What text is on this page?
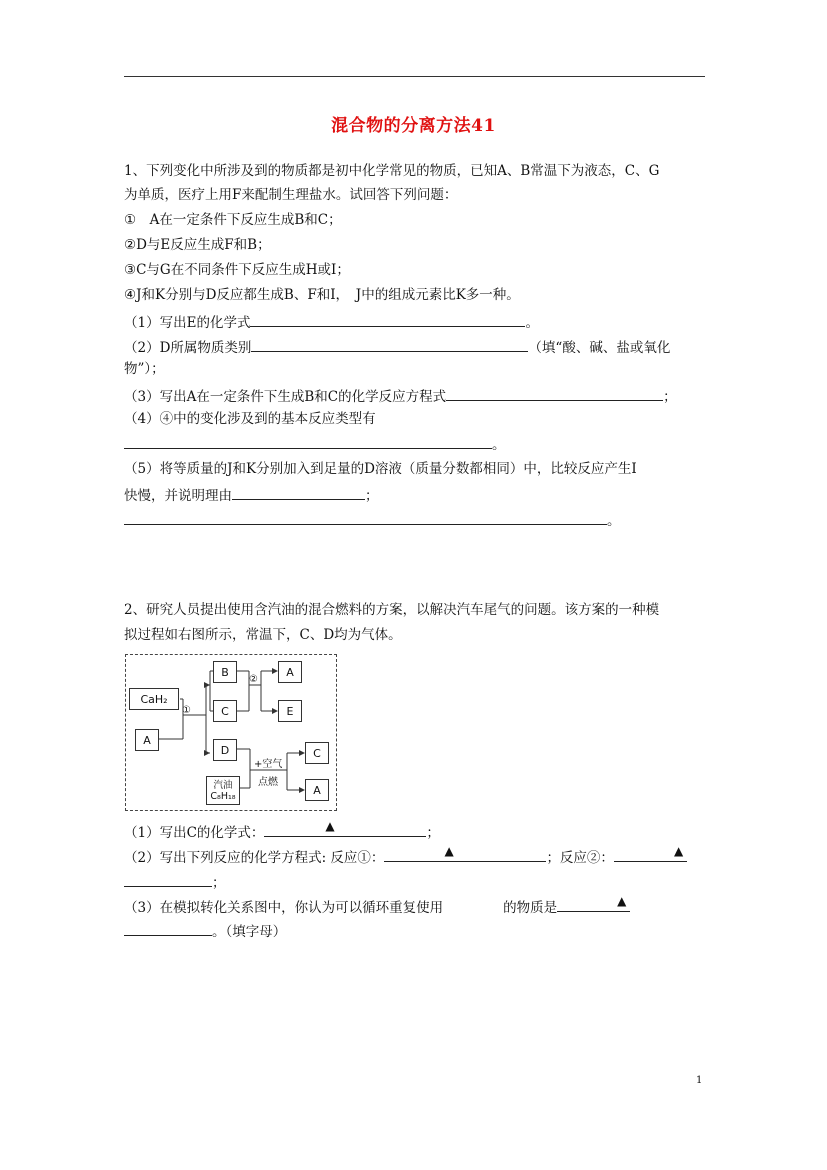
混合物的分离方法41
1、下列变化中所涉及到的物质都是初中化学常见的物质，已知A、B常温下为液态，C、G
为单质，医疗上用F来配制生理盐水。试回答下列问题：
①　A在一定条件下反应生成B和C；
②D与E反应生成F和B；
③C与G在不同条件下反应生成H或I；
④J和K分别与D反应都生成B、F和I，　J中的组成元素比K多一种。
（1）写出E的化学式	。
（2）D所属物质类别	（填“酸、碱、盐或氧化
物”）；
（3）写出A在一定条件下生成B和C的化学反应方程式	；
（4）④中的变化涉及到的基本反应类型有
。
（5）将等质量的J和K分别加入到足量的D溶液（质量分数都相同）中，比较反应产生I
快慢，并说明理由	；
。
2、研究人员提出使用含汽油的混合燃料的方案，以解决汽车尾气的问题。该方案的一种模
拟过程如右图所示，常温下，C、D均为气体。
CaH₂
A
B
C
A
E
D
汽油
C₈H₁₈
C
A
①
②
+空气
点燃
（1）写出C的化学式：	▲	；
（2）写出下列反应的化学方程式: 反应①：	▲	；反应②：	▲
；
（3）在模拟转化关系图中，你认为可以循环重复使用	的物质是	▲
。（填字母）
1
